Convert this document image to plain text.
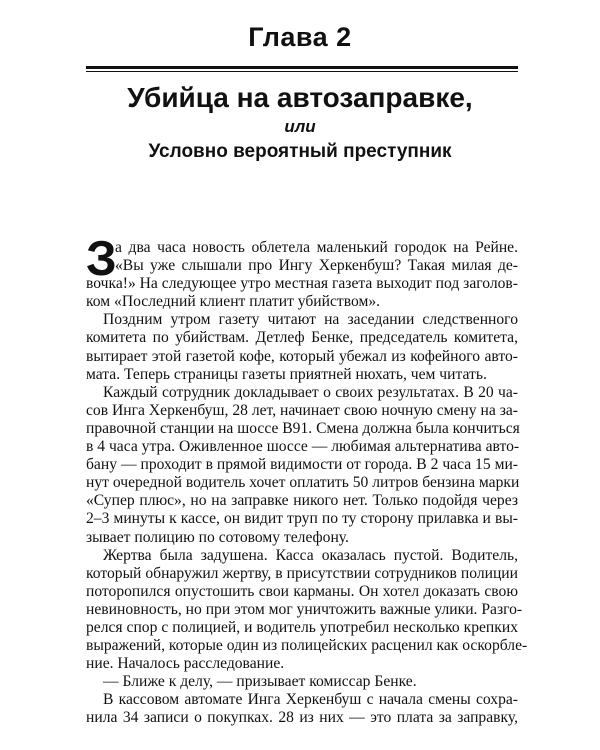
Глава 2
Убийца на автозаправке,
или
Условно вероятный преступник
З
а два часа новость облетела маленький городок на Рейне.
«Вы уже слышали про Ингу Херкенбуш? Такая милая де-
вочка!» На следующее утро местная газета выходит под заголов-
ком «Последний клиент платит убийством».
Поздним утром газету читают на заседании следственного
комитета по убийствам. Детлеф Бенке, председатель комитета,
вытирает этой газетой кофе, который убежал из кофейного авто-
мата. Теперь страницы газеты приятней нюхать, чем читать.
Каждый сотрудник докладывает о своих результатах. В 20 ча-
сов Инга Херкенбуш, 28 лет, начинает свою ночную смену на за-
правочной станции на шоссе В91. Смена должна была кончиться
в 4 часа утра. Оживленное шоссе — любимая альтернатива авто-
бану — проходит в прямой видимости от города. В 2 часа 15 ми-
нут очередной водитель хочет оплатить 50 литров бензина марки
«Супер плюс», но на заправке никого нет. Только подойдя через
2–3 минуты к кассе, он видит труп по ту сторону прилавка и вы-
зывает полицию по сотовому телефону.
Жертва была задушена. Касса оказалась пустой. Водитель,
который обнаружил жертву, в присутствии сотрудников полиции
поторопился опустошить свои карманы. Он хотел доказать свою
невиновность, но при этом мог уничтожить важные улики. Разго-
релся спор с полицией, и водитель употребил несколько крепких
выражений, которые один из полицейских расценил как оскорбле-
ние. Началось расследование.
— Ближе к делу, — призывает комиссар Бенке.
В кассовом автомате Инга Херкенбуш с начала смены сохра-
нила 34 записи о покупках. 28 из них — это плата за заправку,
